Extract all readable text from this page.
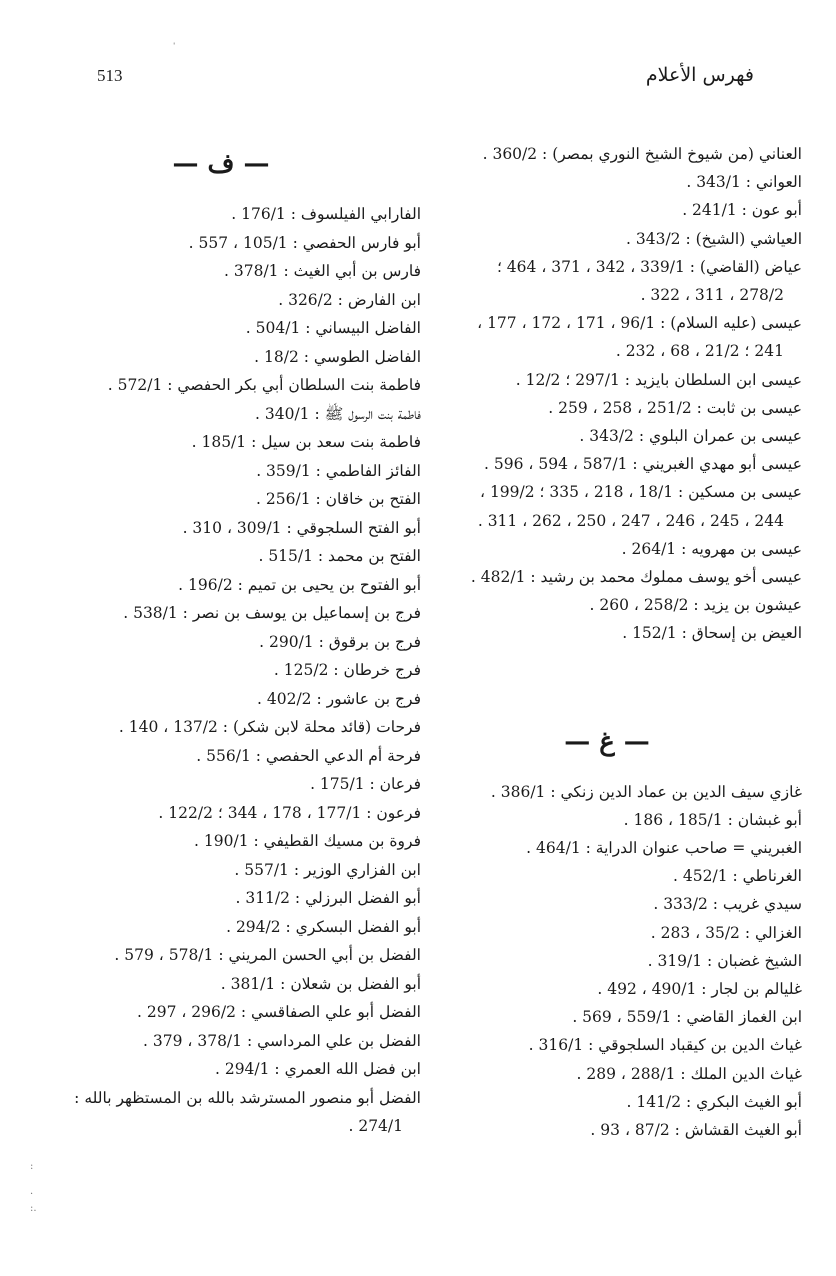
ˈ
513	فهرس الأعلام
العناني (من شيوخ الشيخ النوري بمصر) : 360/2 .
العواني : 343/1 .
أبو عون : 241/1 .
العياشي (الشيخ) : 343/2 .
عياض (القاضي) : 339/1 ، 342 ، 371 ، 464 ؛
278/2 ، 311 ، 322 .
عيسى (عليه السلام) : 96/1 ، 171 ، 172 ، 177 ،
241 ؛ 21/2 ، 68 ، 232 .
عيسى ابن السلطان بايزيد : 297/1 ؛ 12/2 .
عيسى بن ثابت : 251/2 ، 258 ، 259 .
عيسى بن عمران البلوي : 343/2 .
عيسى أبو مهدي الغبريني : 587/1 ، 594 ، 596 .
عيسى بن مسكين : 18/1 ، 218 ، 335 ؛ 199/2 ،
244 ، 245 ، 246 ، 247 ، 250 ، 262 ، 311 .
عيسى بن مهرويه : 264/1 .
عيسى أخو يوسف مملوك محمد بن رشيد : 482/1 .
عيشون بن يزيد : 258/2 ، 260 .
العيض بن إسحاق : 152/1 .
— غ —
غازي سيف الدين بن عماد الدين زنكي : 386/1 .
أبو غبشان : 185/1 ، 186 .
الغبريني = صاحب عنوان الدراية : 464/1 .
الغرناطي : 452/1 .
سيدي غريب : 333/2 .
الغزالي : 35/2 ، 283 .
الشيخ غضبان : 319/1 .
غليالم بن لجار : 490/1 ، 492 .
ابن الغماز القاضي : 559/1 ، 569 .
غياث الدين بن كيقباد السلجوقي : 316/1 .
غياث الدين الملك : 288/1 ، 289 .
أبو الغيث البكري : 141/2 .
أبو الغيث القشاش : 87/2 ، 93 .
— ف —
الفارابي الفيلسوف : 176/1 .
أبو فارس الحفصي : 105/1 ، 557 .
فارس بن أبي الغيث : 378/1 .
ابن الفارض : 326/2 .
الفاضل البيساني : 504/1 .
الفاضل الطوسي : 18/2 .
فاطمة بنت السلطان أبي بكر الحفصي : 572/1 .
فاطمة بنت الرسول ﷺ : 340/1 .
فاطمة بنت سعد بن سيل : 185/1 .
الفائز الفاطمي : 359/1 .
الفتح بن خاقان : 256/1 .
أبو الفتح السلجوقي : 309/1 ، 310 .
الفتح بن محمد : 515/1 .
أبو الفتوح بن يحيى بن تميم : 196/2 .
فرج بن إسماعيل بن يوسف بن نصر : 538/1 .
فرج بن برقوق : 290/1 .
فرج خرطان : 125/2 .
فرج بن عاشور : 402/2 .
فرحات (قائد محلة لابن شكر) : 137/2 ، 140 .
فرحة أم الدعي الحفصي : 556/1 .
فرعان : 175/1 .
فرعون : 177/1 ، 178 ، 344 ؛ 122/2 .
فروة بن مسيك القطيفي : 190/1 .
ابن الفزاري الوزير : 557/1 .
أبو الفضل البرزلي : 311/2 .
أبو الفضل البسكري : 294/2 .
الفضل بن أبي الحسن المريني : 578/1 ، 579 .
أبو الفضل بن شعلان : 381/1 .
الفضل أبو علي الصفاقسي : 296/2 ، 297 .
الفضل بن علي المرداسي : 378/1 ، 379 .
ابن فضل الله العمري : 294/1 .
الفضل أبو منصور المسترشد بالله بن المستظهر بالله :
274/1 .
:

·
:.
